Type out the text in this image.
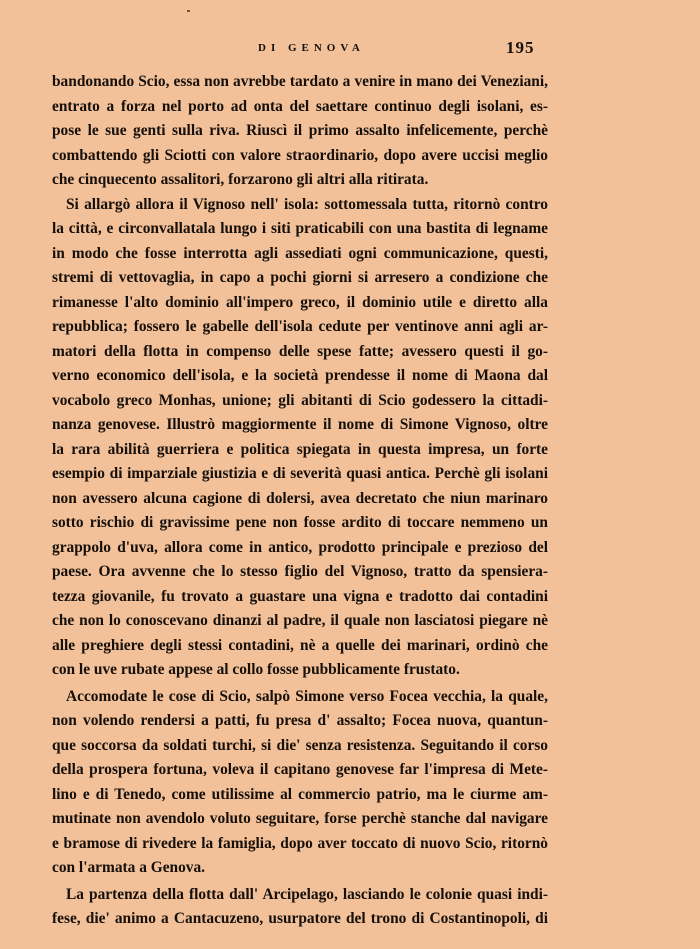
DI GENOVA	195
bandonando Scio, essa non avrebbe tardato a venire in mano dei Veneziani,
entrato a forza nel porto ad onta del saettare continuo degli isolani, es-
pose le sue genti sulla riva. Riuscì il primo assalto infelicemente, perchè
combattendo gli Sciotti con valore straordinario, dopo avere uccisi meglio
che cinquecento assalitori, forzarono gli altri alla ritirata.
Si allargò allora il Vignoso nell' isola: sottomessala tutta, ritornò contro
la città, e circonvallatala lungo i siti praticabili con una bastita di legname
in modo che fosse interrotta agli assediati ogni communicazione, questi,
stremi di vettovaglia, in capo a pochi giorni si arresero a condizione che
rimanesse l'alto dominio all'impero greco, il dominio utile e diretto alla
repubblica; fossero le gabelle dell'isola cedute per ventinove anni agli ar-
matori della flotta in compenso delle spese fatte; avessero questi il go-
verno economico dell'isola, e la società prendesse il nome di Maona dal
vocabolo greco Monhas, unione; gli abitanti di Scio godessero la cittadi-
nanza genovese. Illustrò maggiormente il nome di Simone Vignoso, oltre
la rara abilità guerriera e politica spiegata in questa impresa, un forte
esempio di imparziale giustizia e di severità quasi antica. Perchè gli isolani
non avessero alcuna cagione di dolersi, avea decretato che niun marinaro
sotto rischio di gravissime pene non fosse ardito di toccare nemmeno un
grappolo d'uva, allora come in antico, prodotto principale e prezioso del
paese. Ora avvenne che lo stesso figlio del Vignoso, tratto da spensiera-
tezza giovanile, fu trovato a guastare una vigna e tradotto dai contadini
che non lo conoscevano dinanzi al padre, il quale non lasciatosi piegare nè
alle preghiere degli stessi contadini, nè a quelle dei marinari, ordinò che
con le uve rubate appese al collo fosse pubblicamente frustato.
Accomodate le cose di Scio, salpò Simone verso Focea vecchia, la quale,
non volendo rendersi a patti, fu presa d' assalto; Focea nuova, quantun-
que soccorsa da soldati turchi, si die' senza resistenza. Seguitando il corso
della prospera fortuna, voleva il capitano genovese far l'impresa di Mete-
lino e di Tenedo, come utilissime al commercio patrio, ma le ciurme am-
mutinate non avendolo voluto seguitare, forse perchè stanche dal navigare
e bramose di rivedere la famiglia, dopo aver toccato di nuovo Scio, ritornò
con l'armata a Genova.
La partenza della flotta dall' Arcipelago, lasciando le colonie quasi indi-
fese, die' animo a Cantacuzeno, usurpatore del trono di Costantinopoli, di
